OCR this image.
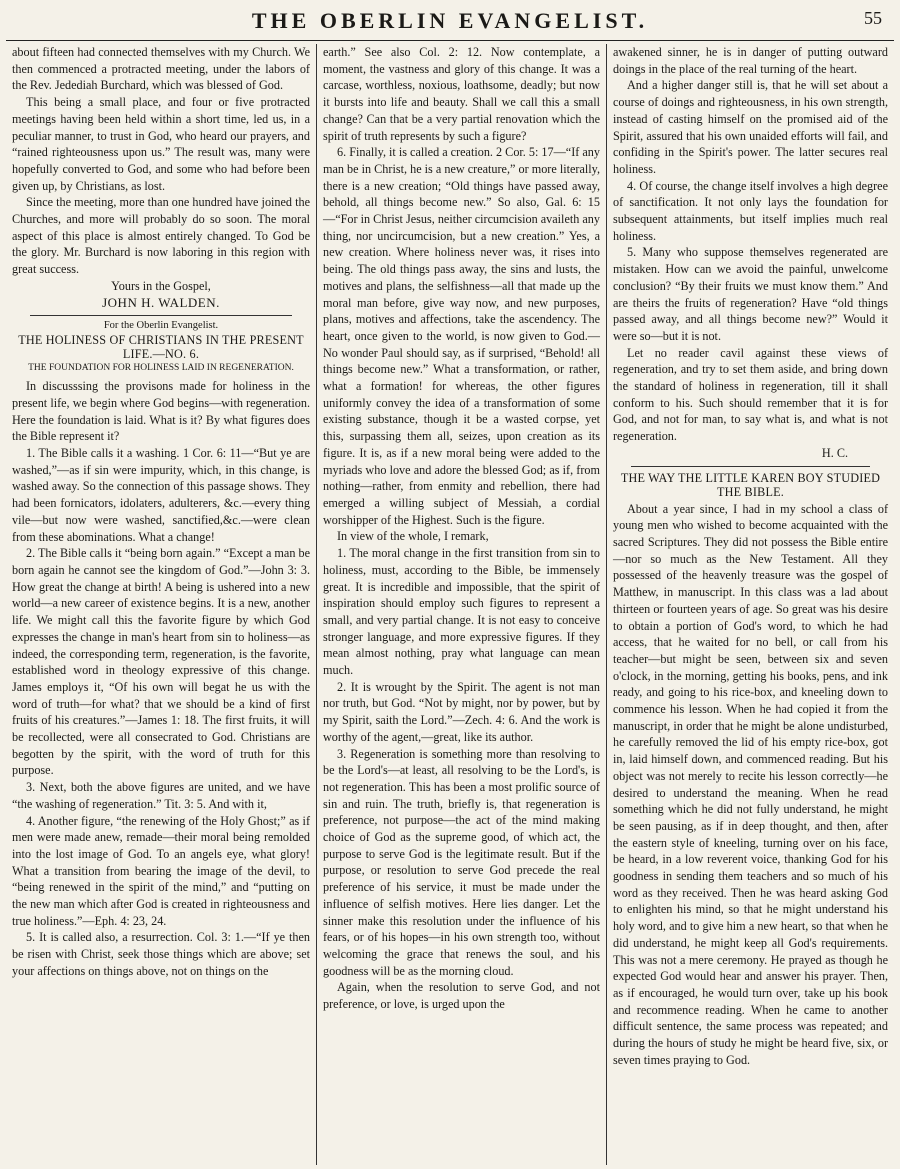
THE OBERLIN EVANGELIST.	55

about fifteen had connected themselves with my Church. We then commenced a protracted meeting, under the labors of the Rev. Jedediah Burchard, which was blessed of God.

This being a small place, and four or five protracted meetings having been held within a short time, led us, in a peculiar manner, to trust in God, who heard our prayers, and “rained righteousness upon us.” The result was, many were hopefully converted to God, and some who had before been given up, by Christians, as lost.

Since the meeting, more than one hundred have joined the Churches, and more will probably do so soon. The moral aspect of this place is almost entirely changed. To God be the glory. Mr. Burchard is now laboring in this region with great success.

Yours in the Gospel,

JOHN H. WALDEN.

For the Oberlin Evangelist.
THE HOLINESS OF CHRISTIANS IN THE PRESENT LIFE.—NO. 6.
THE FOUNDATION FOR HOLINESS LAID IN REGENERATION.

In discusssing the provisons made for holiness in the present life, we begin where God begins—with regeneration. Here the foundation is laid. What is it? By what figures does the Bible represent it?

1. The Bible calls it a washing. 1 Cor. 6: 11—“But ye are washed,”—as if sin were impurity, which, in this change, is washed away. So the connection of this passage shows. They had been fornicators, idolaters, adulterers, &c.—every thing vile—but now were washed, sanctified,&c.—were clean from these abominations. What a change!

2. The Bible calls it “being born again.” “Except a man be born again he cannot see the kingdom of God.”—John 3: 3. How great the change at birth! A being is ushered into a new world—a new career of existence begins. It is a new, another life. We might call this the favorite figure by which God expresses the change in man's heart from sin to holiness—as indeed, the corresponding term, regeneration, is the favorite, established word in theology expressive of this change. James employs it, “Of his own will begat he us with the word of truth—for what? that we should be a kind of first fruits of his creatures.”—James 1: 18. The first fruits, it will be recollected, were all consecrated to God. Christians are begotten by the spirit, with the word of truth for this purpose.

3. Next, both the above figures are united, and we have “the washing of regeneration.” Tit. 3: 5. And with it,

4. Another figure, “the renewing of the Holy Ghost;” as if men were made anew, remade—their moral being remolded into the lost image of God. To an angels eye, what glory! What a transition from bearing the image of the devil, to “being renewed in the spirit of the mind,” and “putting on the new man which after God is created in righteousness and true holiness.”—Eph. 4: 23, 24.

5. It is called also, a resurrection. Col. 3: 1.—“If ye then be risen with Christ, seek those things which are above; set your affections on things above, not on things on the

earth.” See also Col. 2: 12. Now contemplate, a moment, the vastness and glory of this change. It was a carcase, worthless, noxious, loathsome, deadly; but now it bursts into life and beauty. Shall we call this a small change? Can that be a very partial renovation which the spirit of truth represents by such a figure?

6. Finally, it is called a creation. 2 Cor. 5: 17—“If any man be in Christ, he is a new creature,” or more literally, there is a new creation; “Old things have passed away, behold, all things become new.” So also, Gal. 6: 15—“For in Christ Jesus, neither circumcision availeth any thing, nor uncircumcision, but a new creation.” Yes, a new creation. Where holiness never was, it rises into being. The old things pass away, the sins and lusts, the motives and plans, the selfishness—all that made up the moral man before, give way now, and new purposes, plans, motives and affections, take the ascendency. The heart, once given to the world, is now given to God.—No wonder Paul should say, as if surprised, “Behold! all things become new.” What a transformation, or rather, what a formation! for whereas, the other figures uniformly convey the idea of a transformation of some existing substance, though it be a wasted corpse, yet this, surpassing them all, seizes, upon creation as its figure. It is, as if a new moral being were added to the myriads who love and adore the blessed God; as if, from nothing—rather, from enmity and rebellion, there had emerged a willing subject of Messiah, a cordial worshipper of the Highest. Such is the figure.

In view of the whole, I remark,

1. The moral change in the first transition from sin to holiness, must, according to the Bible, be immensely great. It is incredible and impossible, that the spirit of inspiration should employ such figures to represent a small, and very partial change. It is not easy to conceive stronger language, and more expressive figures. If they mean almost nothing, pray what language can mean much.

2. It is wrought by the Spirit. The agent is not man nor truth, but God. “Not by might, nor by power, but by my Spirit, saith the Lord.”—Zech. 4: 6. And the work is worthy of the agent,—great, like its author.

3. Regeneration is something more than resolving to be the Lord's—at least, all resolving to be the Lord's, is not regeneration. This has been a most prolific source of sin and ruin. The truth, briefly is, that regeneration is preference, not purpose—the act of the mind making choice of God as the supreme good, of which act, the purpose to serve God is the legitimate result. But if the purpose, or resolution to serve God precede the real preference of his service, it must be made under the influence of selfish motives. Here lies danger. Let the sinner make this resolution under the influence of his fears, or of his hopes—in his own strength too, without welcoming the grace that renews the soul, and his goodness will be as the morning cloud.

Again, when the resolution to serve God, and not preference, or love, is urged upon the

awakened sinner, he is in danger of putting outward doings in the place of the real turning of the heart.

And a higher danger still is, that he will set about a course of doings and righteousness, in his own strength, instead of casting himself on the promised aid of the Spirit, assured that his own unaided efforts will fail, and confiding in the Spirit's power. The latter secures real holiness.

4. Of course, the change itself involves a high degree of sanctification. It not only lays the foundation for subsequent attainments, but itself implies much real holiness.

5. Many who suppose themselves regenerated are mistaken. How can we avoid the painful, unwelcome conclusion? “By their fruits we must know them.” And are theirs the fruits of regeneration? Have “old things passed away, and all things become new?” Would it were so—but it is not.

Let no reader cavil against these views of regeneration, and try to set them aside, and bring down the standard of holiness in regeneration, till it shall conform to his. Such should remember that it is for God, and not for man, to say what is, and what is not regeneration.

H. C.

THE WAY THE LITTLE KAREN BOY STUDIED THE BIBLE.

About a year since, I had in my school a class of young men who wished to become acquainted with the sacred Scriptures. They did not possess the Bible entire—nor so much as the New Testament. All they possessed of the heavenly treasure was the gospel of Matthew, in manuscript. In this class was a lad about thirteen or fourteen years of age. So great was his desire to obtain a portion of God's word, to which he had access, that he waited for no bell, or call from his teacher—but might be seen, between six and seven o'clock, in the morning, getting his books, pens, and ink ready, and going to his rice-box, and kneeling down to commence his lesson. When he had copied it from the manuscript, in order that he might be alone undisturbed, he carefully removed the lid of his empty rice-box, got in, laid himself down, and commenced reading. But his object was not merely to recite his lesson correctly—he desired to understand the meaning. When he read something which he did not fully understand, he might be seen pausing, as if in deep thought, and then, after the eastern style of kneeling, turning over on his face, be heard, in a low reverent voice, thanking God for his goodness in sending them teachers and so much of his word as they received. Then he was heard asking God to enlighten his mind, so that he might understand his holy word, and to give him a new heart, so that when he did understand, he might keep all God's requirements. This was not a mere ceremony. He prayed as though he expected God would hear and answer his prayer. Then, as if encouraged, he would turn over, take up his book and recommence reading. When he came to another difficult sentence, the same process was repeated; and during the hours of study he might be heard five, six, or seven times praying to God.
